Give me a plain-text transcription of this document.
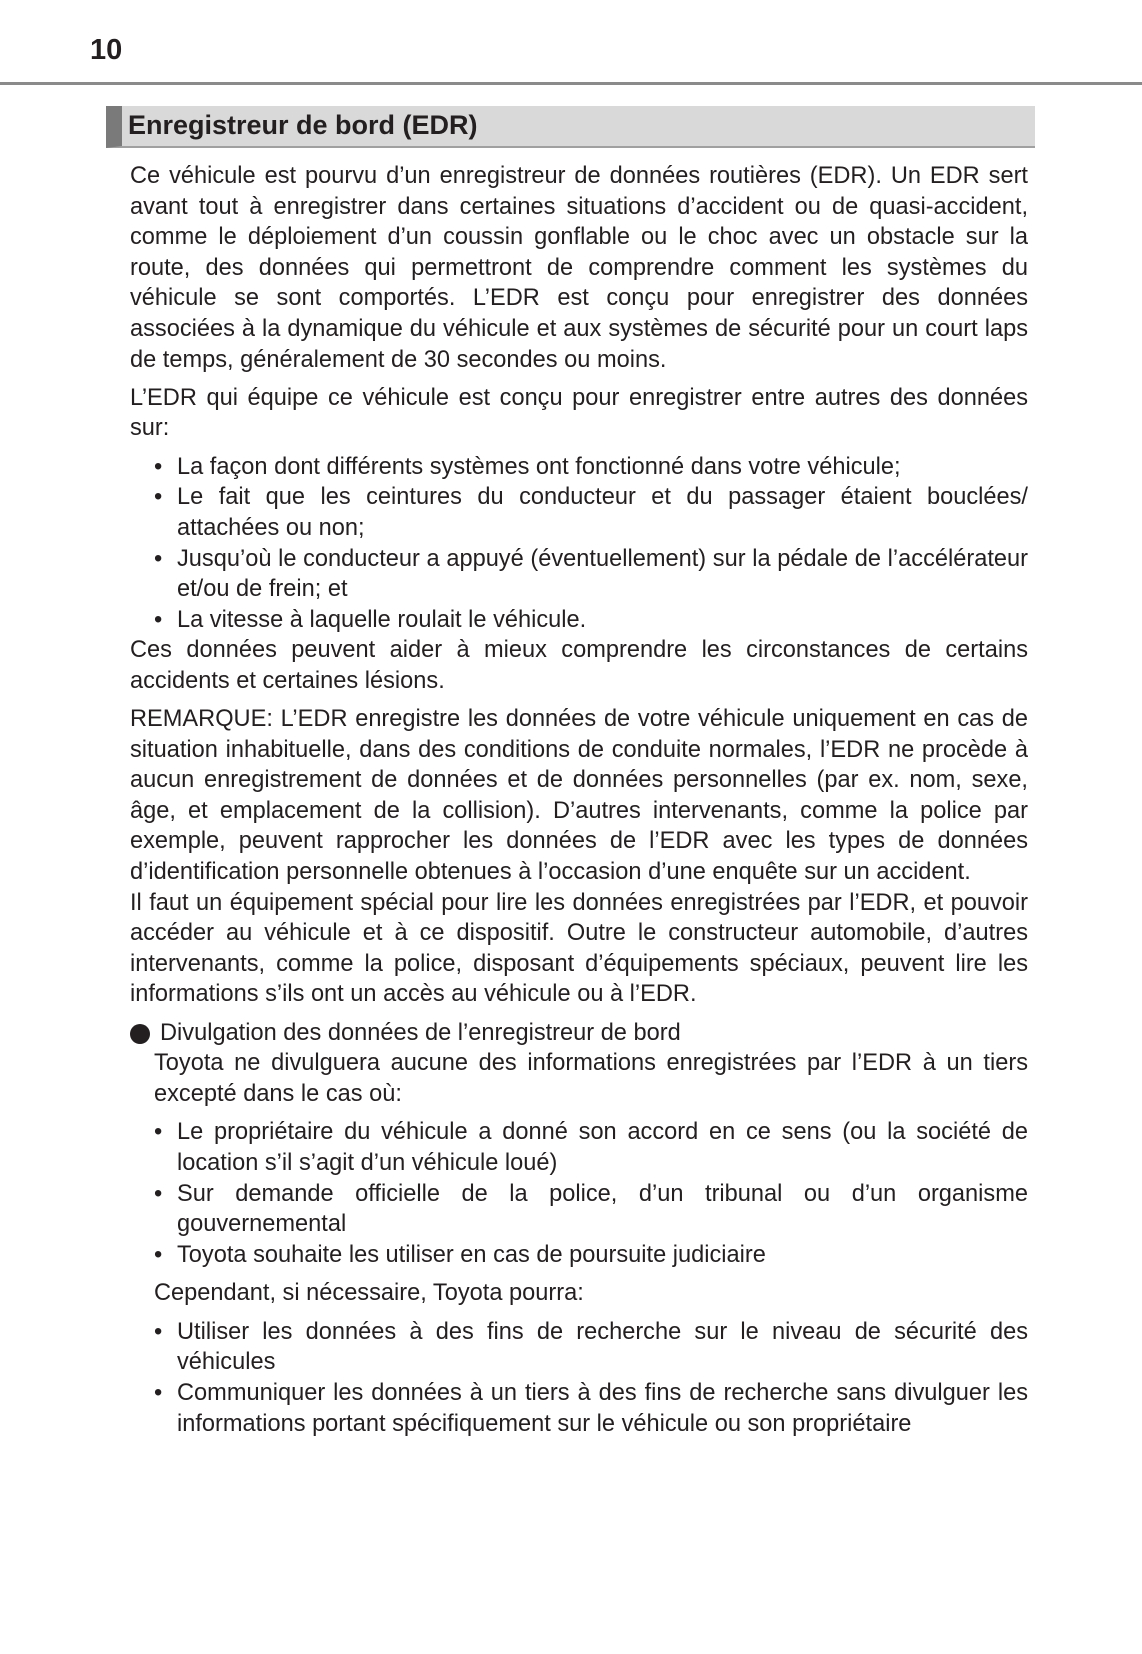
10
Enregistreur de bord (EDR)

Ce véhicule est pourvu d’un enregistreur de données routières (EDR). Un EDR sert avant tout à enregistrer dans certaines situations d’accident ou de quasi-accident, comme le déploiement d’un coussin gonflable ou le choc avec un obstacle sur la route, des données qui permettront de comprendre comment les systèmes du véhicule se sont comportés. L’EDR est conçu pour enregistrer des données associées à la dynamique du véhicule et aux systèmes de sécurité pour un court laps de temps, généralement de 30 secondes ou moins.

L’EDR qui équipe ce véhicule est conçu pour enregistrer entre autres des données sur:

• La façon dont différents systèmes ont fonctionné dans votre véhicule;
• Le fait que les ceintures du conducteur et du passager étaient bouclées/ attachées ou non;
• Jusqu’où le conducteur a appuyé (éventuellement) sur la pédale de l’accélérateur et/ou de frein; et
• La vitesse à laquelle roulait le véhicule.

Ces données peuvent aider à mieux comprendre les circonstances de certains accidents et certaines lésions.

REMARQUE: L’EDR enregistre les données de votre véhicule uniquement en cas de situation inhabituelle, dans des conditions de conduite normales, l’EDR ne procède à aucun enregistrement de données et de données personnelles (par ex. nom, sexe, âge, et emplacement de la collision). D’autres intervenants, comme la police par exemple, peuvent rapprocher les données de l’EDR avec les types de données d’identification personnelle obtenues à l’occasion d’une enquête sur un accident.

Il faut un équipement spécial pour lire les données enregistrées par l’EDR, et pouvoir accéder au véhicule et à ce dispositif. Outre le constructeur automobile, d’autres intervenants, comme la police, disposant d’équipements spéciaux, peuvent lire les informations s’ils ont un accès au véhicule ou à l’EDR.

Divulgation des données de l’enregistreur de bord

Toyota ne divulguera aucune des informations enregistrées par l’EDR à un tiers excepté dans le cas où:

• Le propriétaire du véhicule a donné son accord en ce sens (ou la société de location s’il s’agit d’un véhicule loué)
• Sur demande officielle de la police, d’un tribunal ou d’un organisme gouvernemental
• Toyota souhaite les utiliser en cas de poursuite judiciaire

Cependant, si nécessaire, Toyota pourra:

• Utiliser les données à des fins de recherche sur le niveau de sécurité des véhicules
• Communiquer les données à un tiers à des fins de recherche sans divulguer les informations portant spécifiquement sur le véhicule ou son propriétaire
